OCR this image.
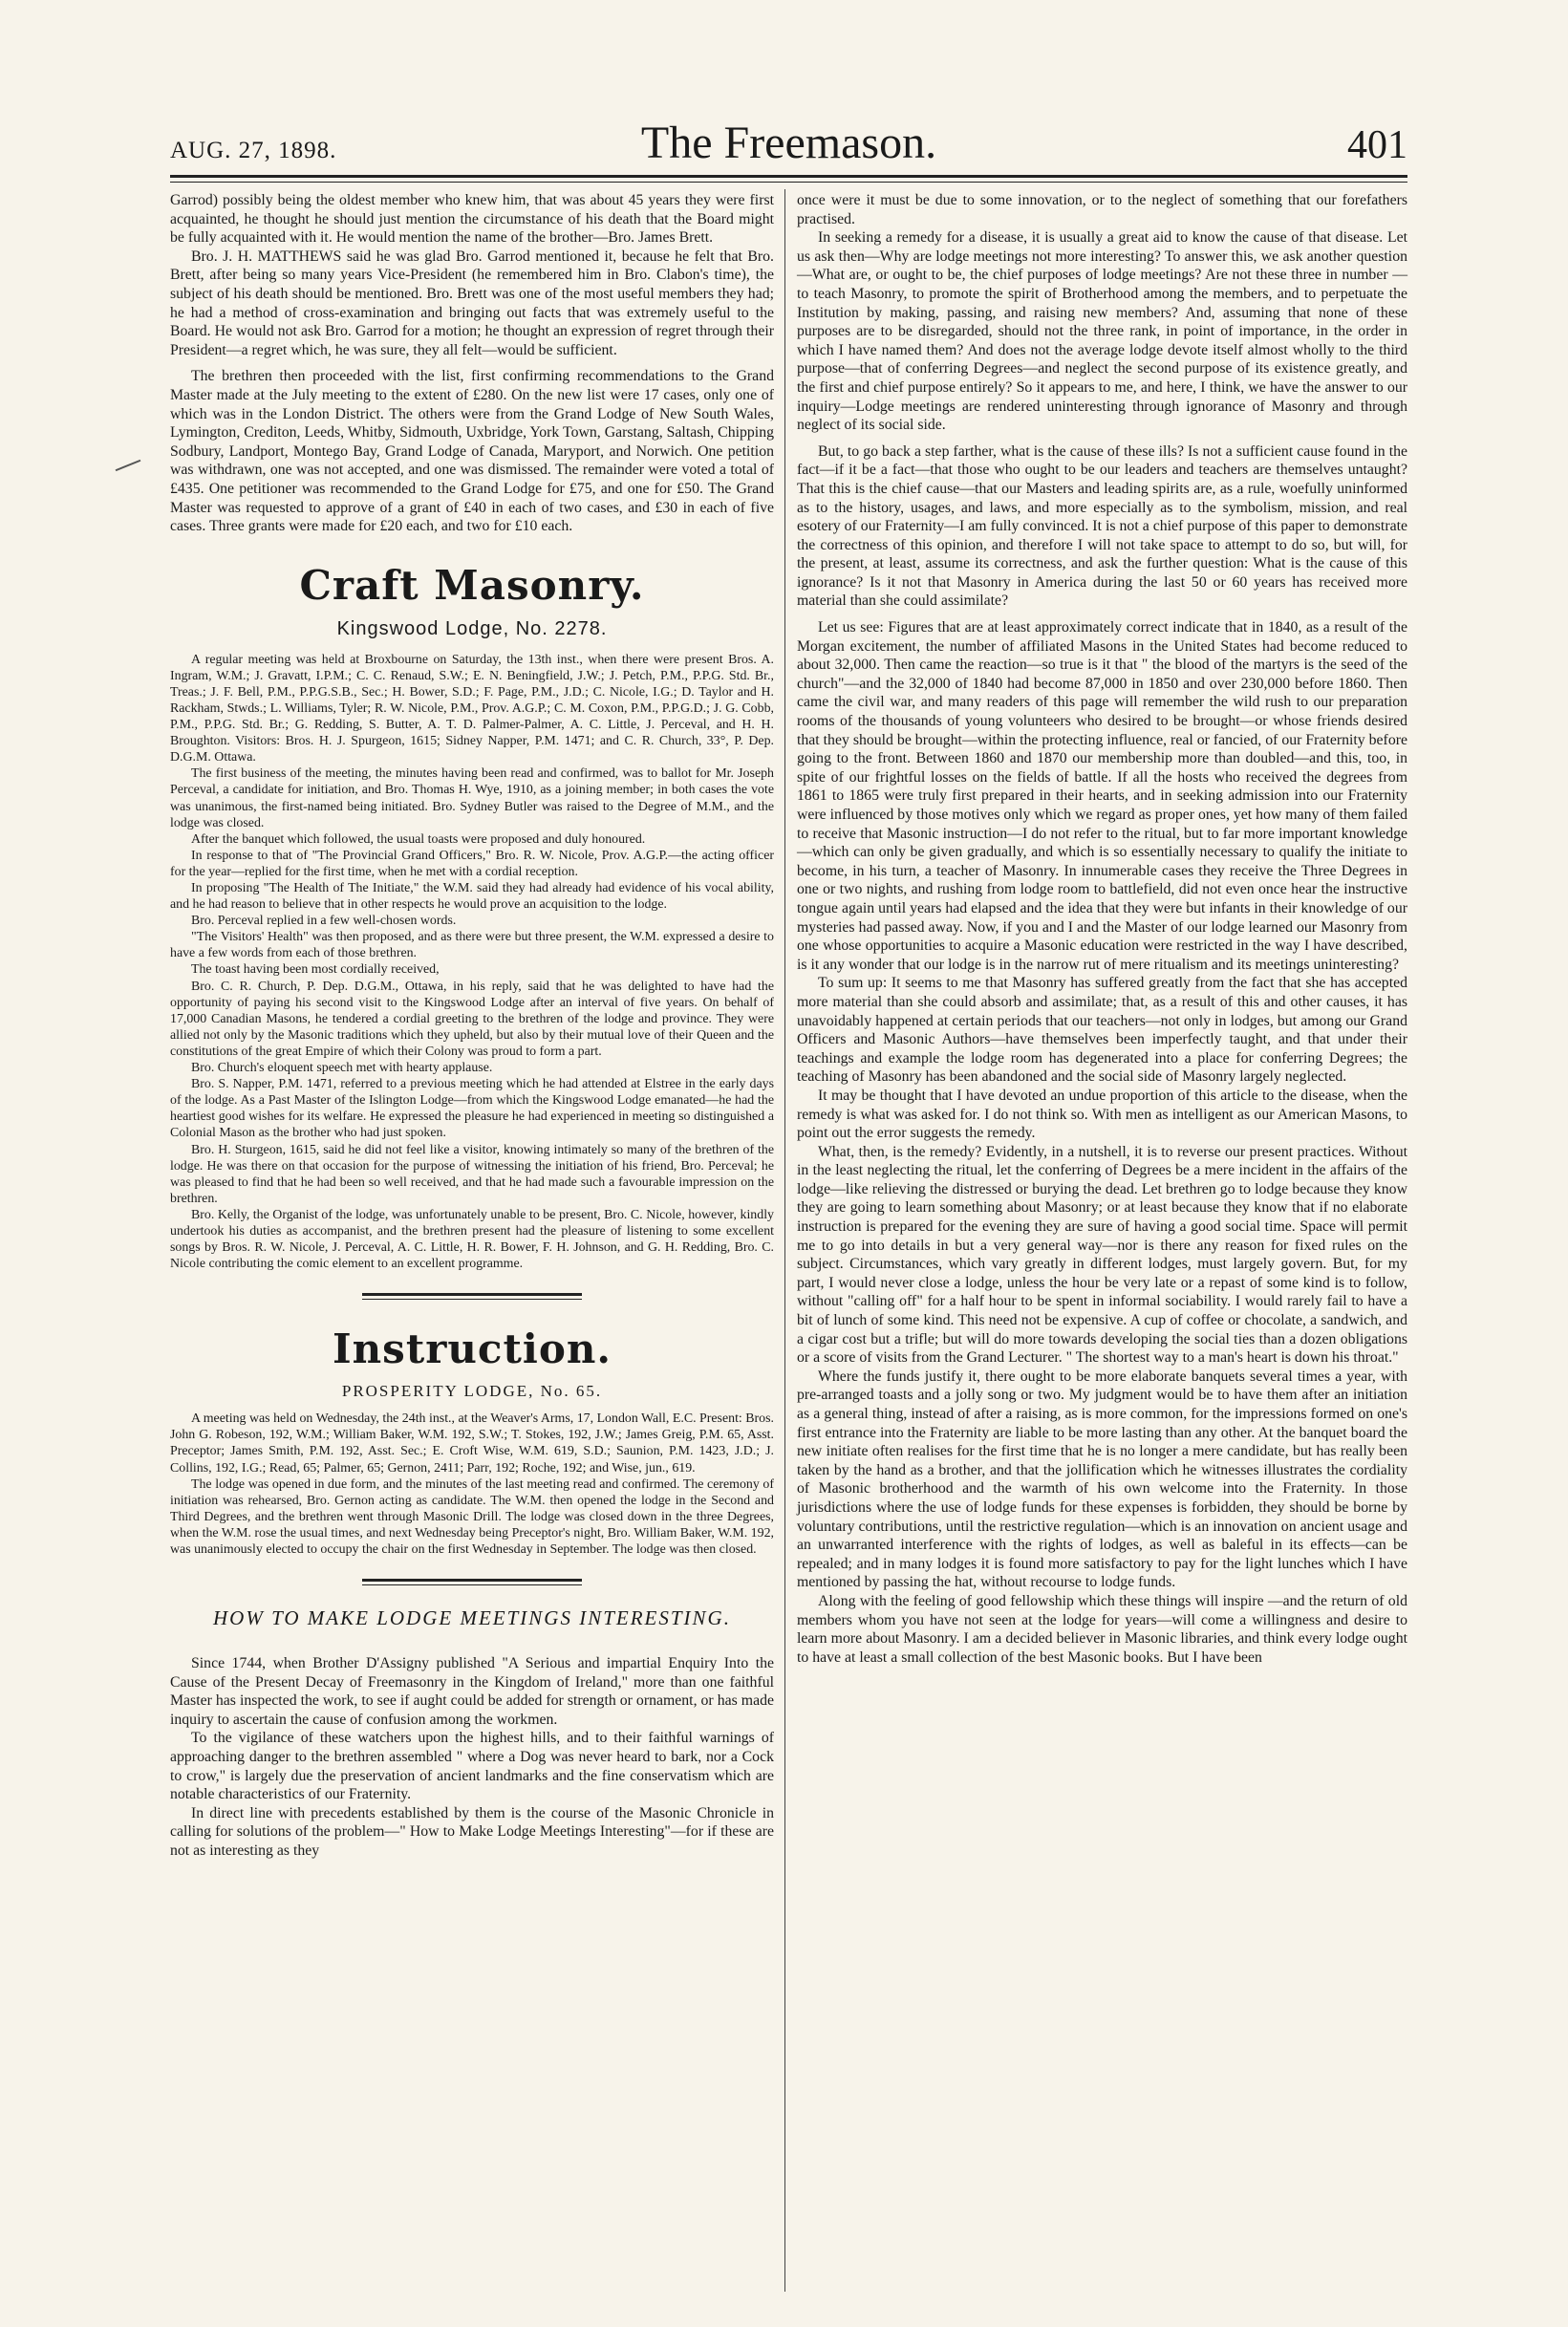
AUG. 27, 1898.	The Freemason.	401

Garrod) possibly being the oldest member who knew him, that was about 45 years they were first acquainted, he thought he should just mention the circumstance of his death that the Board might be fully acquainted with it. He would mention the name of the brother—Bro. James Brett.

Bro. J. H. MATTHEWS said he was glad Bro. Garrod mentioned it, because he felt that Bro. Brett, after being so many years Vice-President (he remembered him in Bro. Clabon's time), the subject of his death should be mentioned. Bro. Brett was one of the most useful members they had; he had a method of cross-examination and bringing out facts that was extremely useful to the Board. He would not ask Bro. Garrod for a motion; he thought an expression of regret through their President—a regret which, he was sure, they all felt—would be sufficient.

The brethren then proceeded with the list, first confirming recommendations to the Grand Master made at the July meeting to the extent of £280. On the new list were 17 cases, only one of which was in the London District. The others were from the Grand Lodge of New South Wales, Lymington, Crediton, Leeds, Whitby, Sidmouth, Uxbridge, York Town, Garstang, Saltash, Chipping Sodbury, Landport, Montego Bay, Grand Lodge of Canada, Maryport, and Norwich. One petition was withdrawn, one was not accepted, and one was dismissed. The remainder were voted a total of £435. One petitioner was recommended to the Grand Lodge for £75, and one for £50. The Grand Master was requested to approve of a grant of £40 in each of two cases, and £30 in each of five cases. Three grants were made for £20 each, and two for £10 each.

Craft Masonry.
Kingswood Lodge, No. 2278.

A regular meeting was held at Broxbourne on Saturday, the 13th inst., when there were present Bros. A. Ingram, W.M.; J. Gravatt, I.P.M.; C. C. Renaud, S.W.; E. N. Beningfield, J.W.; J. Petch, P.M., P.P.G. Std. Br., Treas.; J. F. Bell, P.M., P.P.G.S.B., Sec.; H. Bower, S.D.; F. Page, P.M., J.D.; C. Nicole, I.G.; D. Taylor and H. Rackham, Stwds.; L. Williams, Tyler; R. W. Nicole, P.M., Prov. A.G.P.; C. M. Coxon, P.M., P.P.G.D.; J. G. Cobb, P.M., P.P.G. Std. Br.; G. Redding, S. Butter, A. T. D. Palmer-Palmer, A. C. Little, J. Perceval, and H. H. Broughton. Visitors: Bros. H. J. Spurgeon, 1615; Sidney Napper, P.M. 1471; and C. R. Church, 33°, P. Dep. D.G.M. Ottawa.

The first business of the meeting, the minutes having been read and confirmed, was to ballot for Mr. Joseph Perceval, a candidate for initiation, and Bro. Thomas H. Wye, 1910, as a joining member; in both cases the vote was unanimous, the first-named being initiated. Bro. Sydney Butler was raised to the Degree of M.M., and the lodge was closed.

After the banquet which followed, the usual toasts were proposed and duly honoured.

In response to that of "The Provincial Grand Officers," Bro. R. W. Nicole, Prov. A.G.P.—the acting officer for the year—replied for the first time, when he met with a cordial reception.

In proposing "The Health of The Initiate," the W.M. said they had already had evidence of his vocal ability, and he had reason to believe that in other respects he would prove an acquisition to the lodge.

Bro. Perceval replied in a few well-chosen words.

"The Visitors' Health" was then proposed, and as there were but three present, the W.M. expressed a desire to have a few words from each of those brethren.

The toast having been most cordially received,

Bro. C. R. Church, P. Dep. D.G.M., Ottawa, in his reply, said that he was delighted to have had the opportunity of paying his second visit to the Kingswood Lodge after an interval of five years. On behalf of 17,000 Canadian Masons, he tendered a cordial greeting to the brethren of the lodge and province. They were allied not only by the Masonic traditions which they upheld, but also by their mutual love of their Queen and the constitutions of the great Empire of which their Colony was proud to form a part.

Bro. Church's eloquent speech met with hearty applause.

Bro. S. Napper, P.M. 1471, referred to a previous meeting which he had attended at Elstree in the early days of the lodge. As a Past Master of the Islington Lodge—from which the Kingswood Lodge emanated—he had the heartiest good wishes for its welfare. He expressed the pleasure he had experienced in meeting so distinguished a Colonial Mason as the brother who had just spoken.

Bro. H. Sturgeon, 1615, said he did not feel like a visitor, knowing intimately so many of the brethren of the lodge. He was there on that occasion for the purpose of witnessing the initiation of his friend, Bro. Perceval; he was pleased to find that he had been so well received, and that he had made such a favourable impression on the brethren.

Bro. Kelly, the Organist of the lodge, was unfortunately unable to be present, Bro. C. Nicole, however, kindly undertook his duties as accompanist, and the brethren present had the pleasure of listening to some excellent songs by Bros. R. W. Nicole, J. Perceval, A. C. Little, H. R. Bower, F. H. Johnson, and G. H. Redding, Bro. C. Nicole contributing the comic element to an excellent programme.

Instruction.
PROSPERITY LODGE, No. 65.

A meeting was held on Wednesday, the 24th inst., at the Weaver's Arms, 17, London Wall, E.C. Present: Bros. John G. Robeson, 192, W.M.; William Baker, W.M. 192, S.W.; T. Stokes, 192, J.W.; James Greig, P.M. 65, Asst. Preceptor; James Smith, P.M. 192, Asst. Sec.; E. Croft Wise, W.M. 619, S.D.; Saunion, P.M. 1423, J.D.; J. Collins, 192, I.G.; Read, 65; Palmer, 65; Gernon, 2411; Parr, 192; Roche, 192; and Wise, jun., 619.

The lodge was opened in due form, and the minutes of the last meeting read and confirmed. The ceremony of initiation was rehearsed, Bro. Gernon acting as candidate. The W.M. then opened the lodge in the Second and Third Degrees, and the brethren went through Masonic Drill. The lodge was closed down in the three Degrees, when the W.M. rose the usual times, and next Wednesday being Preceptor's night, Bro. William Baker, W.M. 192, was unanimously elected to occupy the chair on the first Wednesday in September. The lodge was then closed.

HOW TO MAKE LODGE MEETINGS INTERESTING.

Since 1744, when Brother D'Assigny published "A Serious and impartial Enquiry Into the Cause of the Present Decay of Freemasonry in the Kingdom of Ireland," more than one faithful Master has inspected the work, to see if aught could be added for strength or ornament, or has made inquiry to ascertain the cause of confusion among the workmen.

To the vigilance of these watchers upon the highest hills, and to their faithful warnings of approaching danger to the brethren assembled " where a Dog was never heard to bark, nor a Cock to crow," is largely due the preservation of ancient landmarks and the fine conservatism which are notable characteristics of our Fraternity.

In direct line with precedents established by them is the course of the Masonic Chronicle in calling for solutions of the problem—" How to Make Lodge Meetings Interesting"—for if these are not as interesting as they

once were it must be due to some innovation, or to the neglect of something that our forefathers practised.

In seeking a remedy for a disease, it is usually a great aid to know the cause of that disease. Let us ask then—Why are lodge meetings not more interesting? To answer this, we ask another question—What are, or ought to be, the chief purposes of lodge meetings? Are not these three in number —to teach Masonry, to promote the spirit of Brotherhood among the members, and to perpetuate the Institution by making, passing, and raising new members? And, assuming that none of these purposes are to be disregarded, should not the three rank, in point of importance, in the order in which I have named them? And does not the average lodge devote itself almost wholly to the third purpose—that of conferring Degrees—and neglect the second purpose of its existence greatly, and the first and chief purpose entirely? So it appears to me, and here, I think, we have the answer to our inquiry—Lodge meetings are rendered uninteresting through ignorance of Masonry and through neglect of its social side.

But, to go back a step farther, what is the cause of these ills? Is not a sufficient cause found in the fact—if it be a fact—that those who ought to be our leaders and teachers are themselves untaught? That this is the chief cause—that our Masters and leading spirits are, as a rule, woefully uninformed as to the history, usages, and laws, and more especially as to the symbolism, mission, and real esotery of our Fraternity—I am fully convinced. It is not a chief purpose of this paper to demonstrate the correctness of this opinion, and therefore I will not take space to attempt to do so, but will, for the present, at least, assume its correctness, and ask the further question: What is the cause of this ignorance? Is it not that Masonry in America during the last 50 or 60 years has received more material than she could assimilate?

Let us see: Figures that are at least approximately correct indicate that in 1840, as a result of the Morgan excitement, the number of affiliated Masons in the United States had become reduced to about 32,000. Then came the reaction—so true is it that " the blood of the martyrs is the seed of the church"—and the 32,000 of 1840 had become 87,000 in 1850 and over 230,000 before 1860. Then came the civil war, and many readers of this page will remember the wild rush to our preparation rooms of the thousands of young volunteers who desired to be brought—or whose friends desired that they should be brought—within the protecting influence, real or fancied, of our Fraternity before going to the front. Between 1860 and 1870 our membership more than doubled—and this, too, in spite of our frightful losses on the fields of battle. If all the hosts who received the degrees from 1861 to 1865 were truly first prepared in their hearts, and in seeking admission into our Fraternity were influenced by those motives only which we regard as proper ones, yet how many of them failed to receive that Masonic instruction—I do not refer to the ritual, but to far more important knowledge—which can only be given gradually, and which is so essentially necessary to qualify the initiate to become, in his turn, a teacher of Masonry. In innumerable cases they receive the Three Degrees in one or two nights, and rushing from lodge room to battlefield, did not even once hear the instructive tongue again until years had elapsed and the idea that they were but infants in their knowledge of our mysteries had passed away. Now, if you and I and the Master of our lodge learned our Masonry from one whose opportunities to acquire a Masonic education were restricted in the way I have described, is it any wonder that our lodge is in the narrow rut of mere ritualism and its meetings uninteresting?

To sum up: It seems to me that Masonry has suffered greatly from the fact that she has accepted more material than she could absorb and assimilate; that, as a result of this and other causes, it has unavoidably happened at certain periods that our teachers—not only in lodges, but among our Grand Officers and Masonic Authors—have themselves been imperfectly taught, and that under their teachings and example the lodge room has degenerated into a place for conferring Degrees; the teaching of Masonry has been abandoned and the social side of Masonry largely neglected.

It may be thought that I have devoted an undue proportion of this article to the disease, when the remedy is what was asked for. I do not think so. With men as intelligent as our American Masons, to point out the error suggests the remedy.

What, then, is the remedy? Evidently, in a nutshell, it is to reverse our present practices. Without in the least neglecting the ritual, let the conferring of Degrees be a mere incident in the affairs of the lodge—like relieving the distressed or burying the dead. Let brethren go to lodge because they know they are going to learn something about Masonry; or at least because they know that if no elaborate instruction is prepared for the evening they are sure of having a good social time. Space will permit me to go into details in but a very general way—nor is there any reason for fixed rules on the subject. Circumstances, which vary greatly in different lodges, must largely govern. But, for my part, I would never close a lodge, unless the hour be very late or a repast of some kind is to follow, without "calling off" for a half hour to be spent in informal sociability. I would rarely fail to have a bit of lunch of some kind. This need not be expensive. A cup of coffee or chocolate, a sandwich, and a cigar cost but a trifle; but will do more towards developing the social ties than a dozen obligations or a score of visits from the Grand Lecturer. " The shortest way to a man's heart is down his throat."

Where the funds justify it, there ought to be more elaborate banquets several times a year, with pre-arranged toasts and a jolly song or two. My judgment would be to have them after an initiation as a general thing, instead of after a raising, as is more common, for the impressions formed on one's first entrance into the Fraternity are liable to be more lasting than any other. At the banquet board the new initiate often realises for the first time that he is no longer a mere candidate, but has really been taken by the hand as a brother, and that the jollification which he witnesses illustrates the cordiality of Masonic brotherhood and the warmth of his own welcome into the Fraternity. In those jurisdictions where the use of lodge funds for these expenses is forbidden, they should be borne by voluntary contributions, until the restrictive regulation—which is an innovation on ancient usage and an unwarranted interference with the rights of lodges, as well as baleful in its effects—can be repealed; and in many lodges it is found more satisfactory to pay for the light lunches which I have mentioned by passing the hat, without recourse to lodge funds.

Along with the feeling of good fellowship which these things will inspire —and the return of old members whom you have not seen at the lodge for years—will come a willingness and desire to learn more about Masonry. I am a decided believer in Masonic libraries, and think every lodge ought to have at least a small collection of the best Masonic books. But I have been
